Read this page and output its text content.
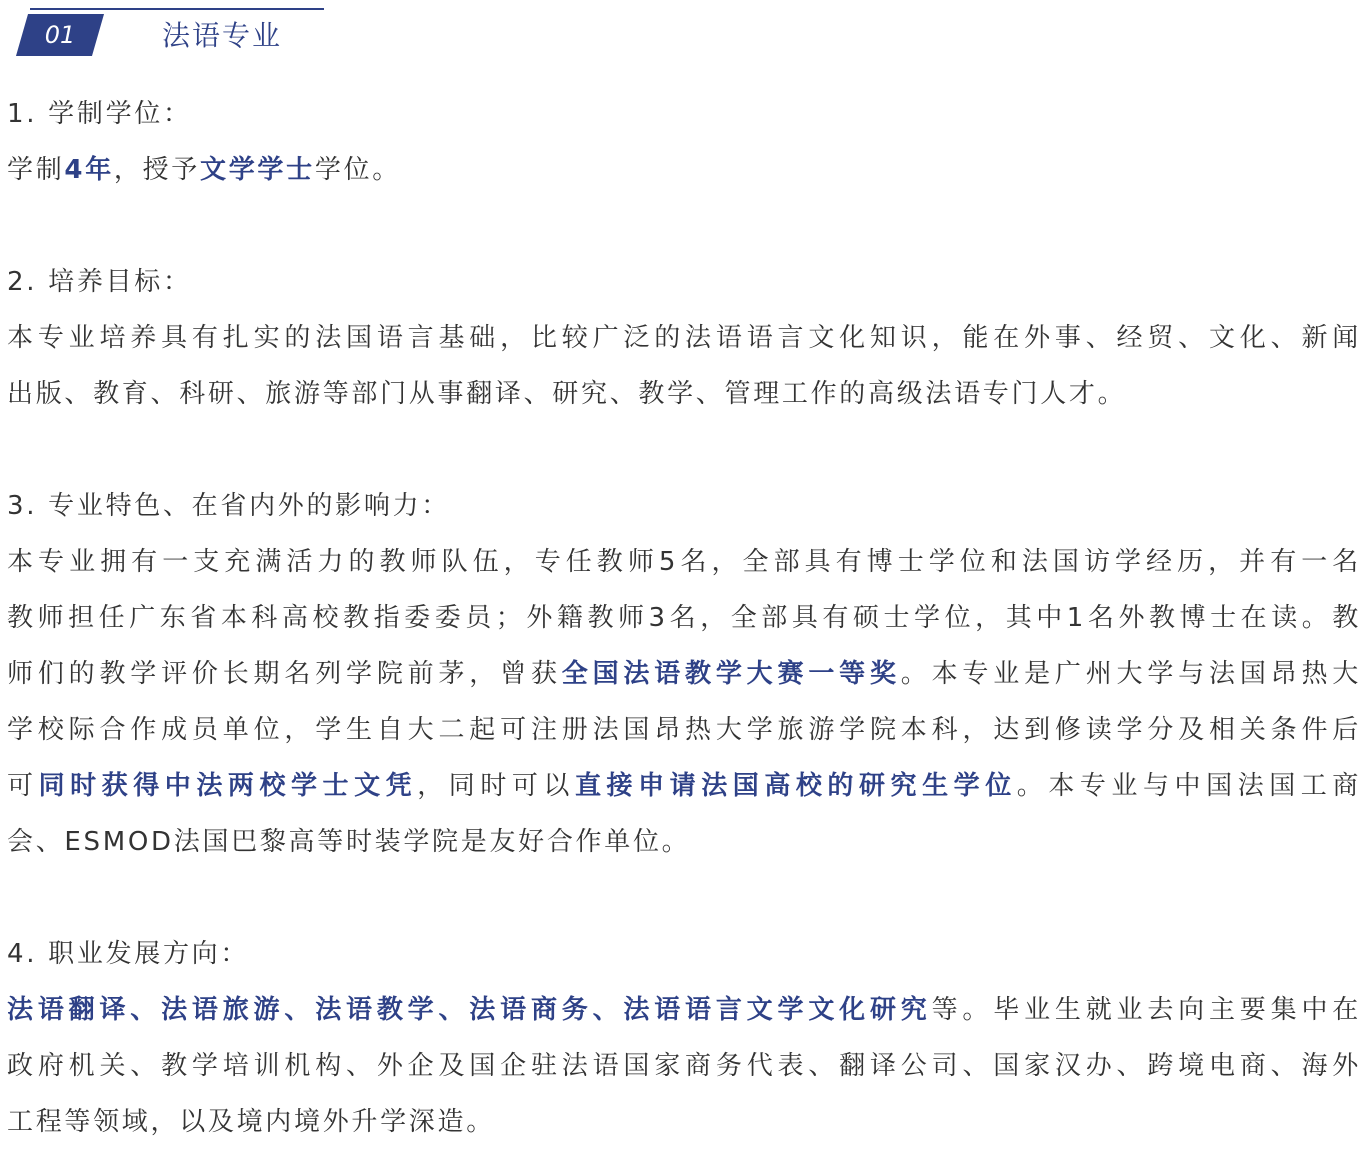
01	法语专业
1. 学制学位：
学制4年，授予文学学士学位。
2. 培养目标：
本专业培养具有扎实的法国语言基础，比较广泛的法语语言文化知识，能在外事、经贸、文化、新闻
出版、教育、科研、旅游等部门从事翻译、研究、教学、管理工作的高级法语专门人才。
3. 专业特色、在省内外的影响力：
本专业拥有一支充满活力的教师队伍，专任教师5名，全部具有博士学位和法国访学经历，并有一名
教师担任广东省本科高校教指委委员；外籍教师3名，全部具有硕士学位，其中1名外教博士在读。教
师们的教学评价长期名列学院前茅，曾获全国法语教学大赛一等奖。本专业是广州大学与法国昂热大
学校际合作成员单位，学生自大二起可注册法国昂热大学旅游学院本科，达到修读学分及相关条件后
可同时获得中法两校学士文凭，同时可以直接申请法国高校的研究生学位。本专业与中国法国工商
会、ESMOD法国巴黎高等时装学院是友好合作单位。
4. 职业发展方向：
法语翻译、法语旅游、法语教学、法语商务、法语语言文学文化研究等。毕业生就业去向主要集中在
政府机关、教学培训机构、外企及国企驻法语国家商务代表、翻译公司、国家汉办、跨境电商、海外
工程等领域，以及境内境外升学深造。
